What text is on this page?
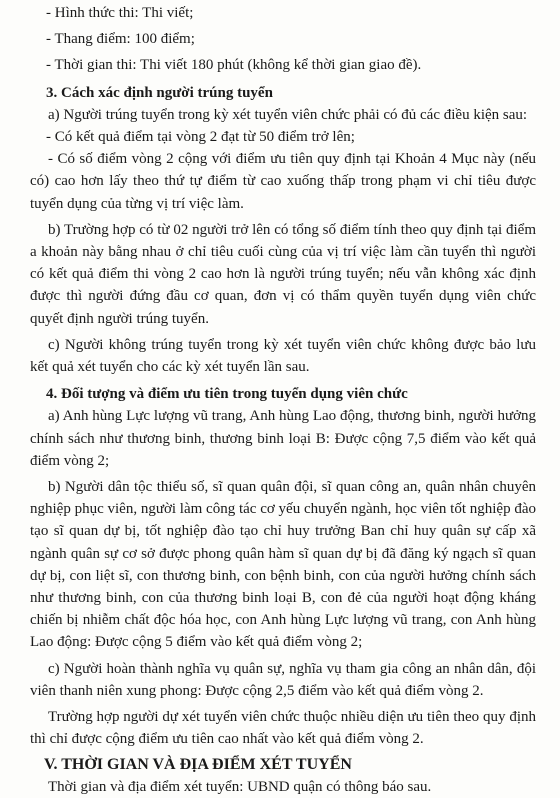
- Hình thức thi: Thi viết;

- Thang điểm: 100 điểm;

- Thời gian thi: Thi viết 180 phút (không kể thời gian giao đề).

3. Cách xác định người trúng tuyển

a) Người trúng tuyển trong kỳ xét tuyển viên chức phải có đủ các điều kiện sau:

- Có kết quả điểm tại vòng 2 đạt từ 50 điểm trở lên;

- Có số điểm vòng 2 cộng với điểm ưu tiên quy định tại Khoản 4 Mục này (nếu có) cao hơn lấy theo thứ tự điểm từ cao xuống thấp trong phạm vi chỉ tiêu được tuyển dụng của từng vị trí việc làm.

b) Trường hợp có từ 02 người trở lên có tổng số điểm tính theo quy định tại điểm a khoản này bằng nhau ở chỉ tiêu cuối cùng của vị trí việc làm cần tuyển thì người có kết quả điểm thi vòng 2 cao hơn là người trúng tuyển; nếu vẫn không xác định được thì người đứng đầu cơ quan, đơn vị có thẩm quyền tuyển dụng viên chức quyết định người trúng tuyển.

c) Người không trúng tuyển trong kỳ xét tuyển viên chức không được bảo lưu kết quả xét tuyển cho các kỳ xét tuyển lần sau.

4. Đối tượng và điểm ưu tiên trong tuyển dụng viên chức

a) Anh hùng Lực lượng vũ trang, Anh hùng Lao động, thương binh, người hưởng chính sách như thương binh, thương binh loại B: Được cộng 7,5 điểm vào kết quả điểm vòng 2;

b) Người dân tộc thiểu số, sĩ quan quân đội, sĩ quan công an, quân nhân chuyên nghiệp phục viên, người làm công tác cơ yếu chuyển ngành, học viên tốt nghiệp đào tạo sĩ quan dự bị, tốt nghiệp đào tạo chỉ huy trưởng Ban chỉ huy quân sự cấp xã ngành quân sự cơ sở được phong quân hàm sĩ quan dự bị đã đăng ký ngạch sĩ quan dự bị, con liệt sĩ, con thương binh, con bệnh binh, con của người hưởng chính sách như thương binh, con của thương binh loại B, con đẻ của người hoạt động kháng chiến bị nhiễm chất độc hóa học, con Anh hùng Lực lượng vũ trang, con Anh hùng Lao động: Được cộng 5 điểm vào kết quả điểm vòng 2;

c) Người hoàn thành nghĩa vụ quân sự, nghĩa vụ tham gia công an nhân dân, đội viên thanh niên xung phong: Được cộng 2,5 điểm vào kết quả điểm vòng 2.

Trường hợp người dự xét tuyển viên chức thuộc nhiều diện ưu tiên theo quy định thì chỉ được cộng điểm ưu tiên cao nhất vào kết quả điểm vòng 2.

V. THỜI GIAN VÀ ĐỊA ĐIỂM XÉT TUYỂN

Thời gian và địa điểm xét tuyển: UBND quận có thông báo sau.
